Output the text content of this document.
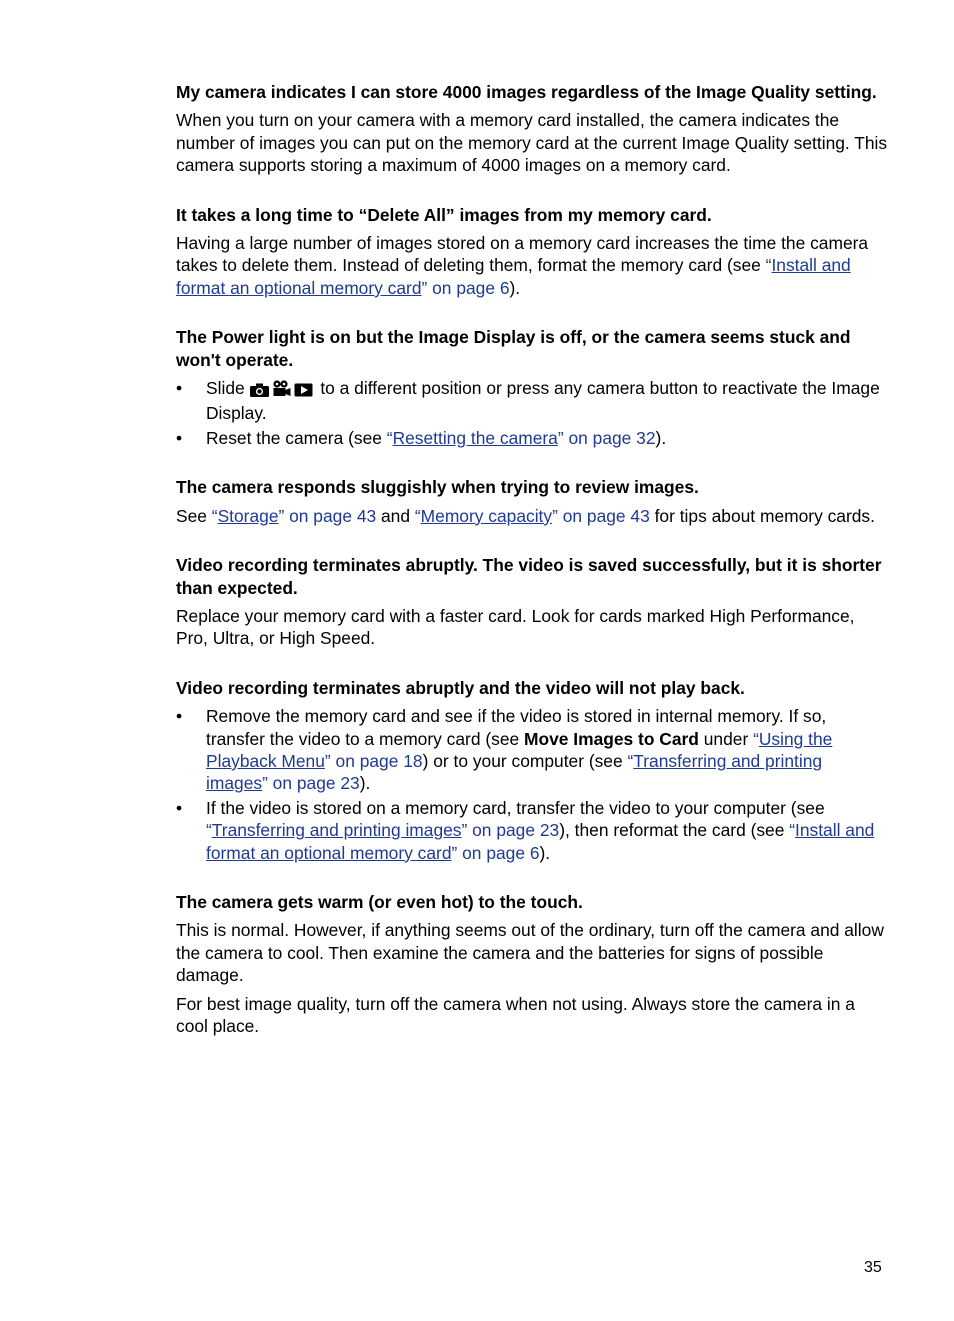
My camera indicates I can store 4000 images regardless of the Image Quality setting.

When you turn on your camera with a memory card installed, the camera indicates the number of images you can put on the memory card at the current Image Quality setting. This camera supports storing a maximum of 4000 images on a memory card.

It takes a long time to “Delete All” images from my memory card.

Having a large number of images stored on a memory card increases the time the camera takes to delete them. Instead of deleting them, format the memory card (see “Install and format an optional memory card” on page 6).

The Power light is on but the Image Display is off, or the camera seems stuck and won't operate.
• Slide	to a different position or press any camera button to reactivate the Image Display.
• Reset the camera (see “Resetting the camera” on page 32).
The camera responds sluggishly when trying to review images.

See “Storage” on page 43 and “Memory capacity” on page 43 for tips about memory cards.

Video recording terminates abruptly. The video is saved successfully, but it is shorter than expected.

Replace your memory card with a faster card. Look for cards marked High Performance, Pro, Ultra, or High Speed.

Video recording terminates abruptly and the video will not play back.
• Remove the memory card and see if the video is stored in internal memory. If so, transfer the video to a memory card (see Move Images to Card under “Using the Playback Menu” on page 18) or to your computer (see “Transferring and printing images” on page 23).
• If the video is stored on a memory card, transfer the video to your computer (see “Transferring and printing images” on page 23), then reformat the card (see “Install and format an optional memory card” on page 6).
The camera gets warm (or even hot) to the touch.

This is normal. However, if anything seems out of the ordinary, turn off the camera and allow the camera to cool. Then examine the camera and the batteries for signs of possible damage.

For best image quality, turn off the camera when not using. Always store the camera in a cool place.

35
